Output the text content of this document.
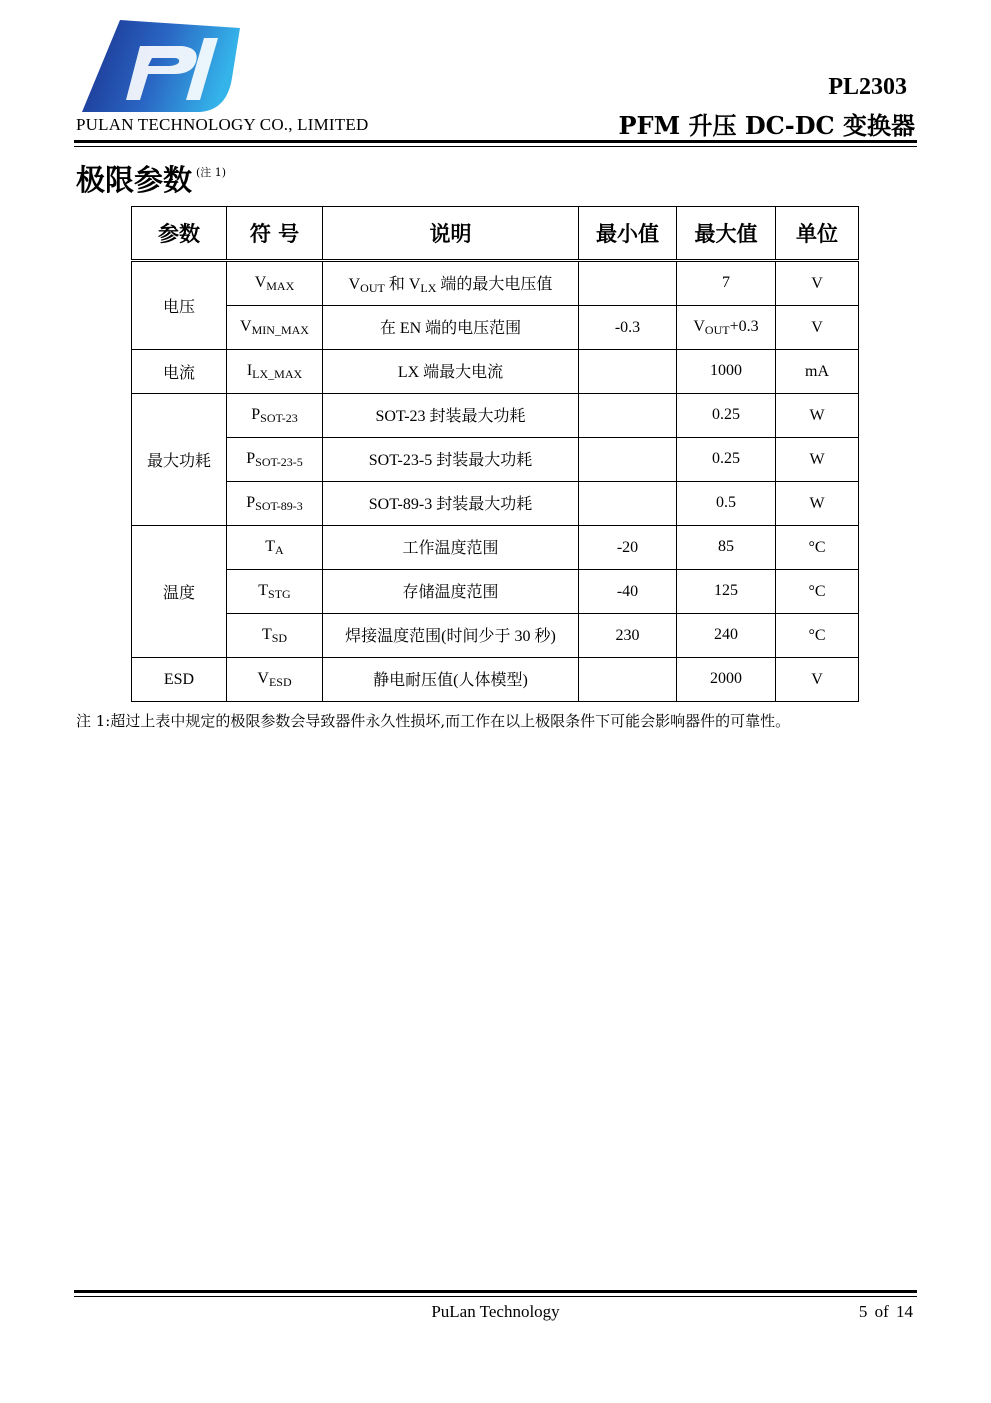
PULAN TECHNOLOGY CO., LIMITED
PL2303
PFM 升压 DC-DC 变换器
极限参数 $^{(注 1)}$
参数	符 号	说明	最小值	最大值	单位
电压	$V_{MAX}$	$V_{OUT}$ 和 $V_{LX}$ 端的最大电压值		7	V
	$V_{MIN\_MAX}$	在 EN 端的电压范围	-0.3	$V_{OUT}+0.3$	V
电流	$I_{LX\_MAX}$	LX 端最大电流		1000	mA
最大功耗	$P_{SOT-23}$	SOT-23 封装最大功耗		0.25	W
	$P_{SOT-23-5}$	SOT-23-5 封装最大功耗		0.25	W
	$P_{SOT-89-3}$	SOT-89-3 封装最大功耗		0.5	W
温度	$T_A$	工作温度范围	-20	85	°C
	$T_{STG}$	存储温度范围	-40	125	°C
	$T_{SD}$	焊接温度范围(时间少于 30 秒)	230	240	°C
ESD	$V_{ESD}$	静电耐压值(人体模型)		2000	V
注 1:超过上表中规定的极限参数会导致器件永久性损坏,而工作在以上极限条件下可能会影响器件的可靠性。
PuLan Technology	5 of 14
